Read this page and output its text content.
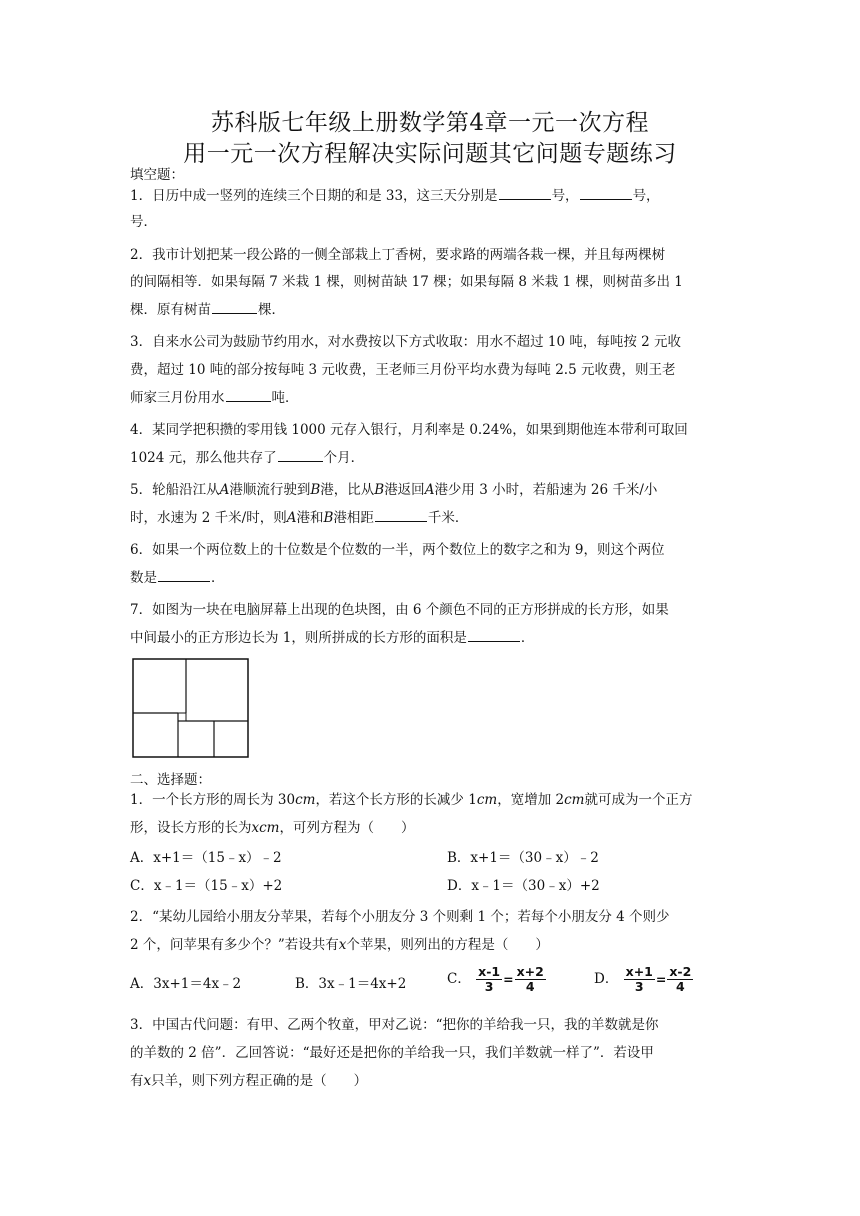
苏科版七年级上册数学第4章一元一次方程
用一元一次方程解决实际问题其它问题专题练习
填空题：
1．日历中成一竖列的连续三个日期的和是 33，这三天分别是	号，	号，
号．
2．我市计划把某一段公路的一侧全部栽上丁香树，要求路的两端各栽一棵，并且每两棵树
的间隔相等．如果每隔 7 米栽 1 棵，则树苗缺 17 棵；如果每隔 8 米栽 1 棵，则树苗多出 1
棵．原有树苗	棵．
3．自来水公司为鼓励节约用水，对水费按以下方式收取：用水不超过 10 吨，每吨按 2 元收
费，超过 10 吨的部分按每吨 3 元收费，王老师三月份平均水费为每吨 2.5 元收费，则王老
师家三月份用水	吨．
4．某同学把积攒的零用钱 1000 元存入银行，月利率是 0.24%，如果到期他连本带利可取回
1024 元，那么他共存了	个月．
5．轮船沿江从A港顺流行驶到B港，比从B港返回A港少用 3 小时，若船速为 26 千米/小
时，水速为 2 千米/时，则A港和B港相距	千米．
6．如果一个两位数上的十位数是个位数的一半，两个数位上的数字之和为 9，则这个两位
数是	．
7．如图为一块在电脑屏幕上出现的色块图，由 6 个颜色不同的正方形拼成的长方形，如果
中间最小的正方形边长为 1，则所拼成的长方形的面积是	．
二、选择题：
1．一个长方形的周长为 30cm，若这个长方形的长减少 1cm，宽增加 2cm就可成为一个正方
形，设长方形的长为xcm，可列方程为（　　）
A．x+1＝（15﹣x）﹣2	B．x+1＝（30﹣x）﹣2
C．x﹣1＝（15﹣x）+2	D．x﹣1＝（30﹣x）+2
2．“某幼儿园给小朋友分苹果，若每个小朋友分 3 个则剩 1 个；若每个小朋友分 4 个则少
2 个，问苹果有多少个？”若设共有x个苹果，则列出的方程是（　　）
A．3x+1＝4x﹣2	B．3x﹣1＝4x+2	C． $\frac{x-1}{3} = \frac{x+2}{4}$	D． $\frac{x+1}{3} = \frac{x-2}{4}$
3．中国古代问题：有甲、乙两个牧童，甲对乙说：“把你的羊给我一只，我的羊数就是你
的羊数的 2 倍”．乙回答说：“最好还是把你的羊给我一只，我们羊数就一样了”．若设甲
有x只羊，则下列方程正确的是（　　）
